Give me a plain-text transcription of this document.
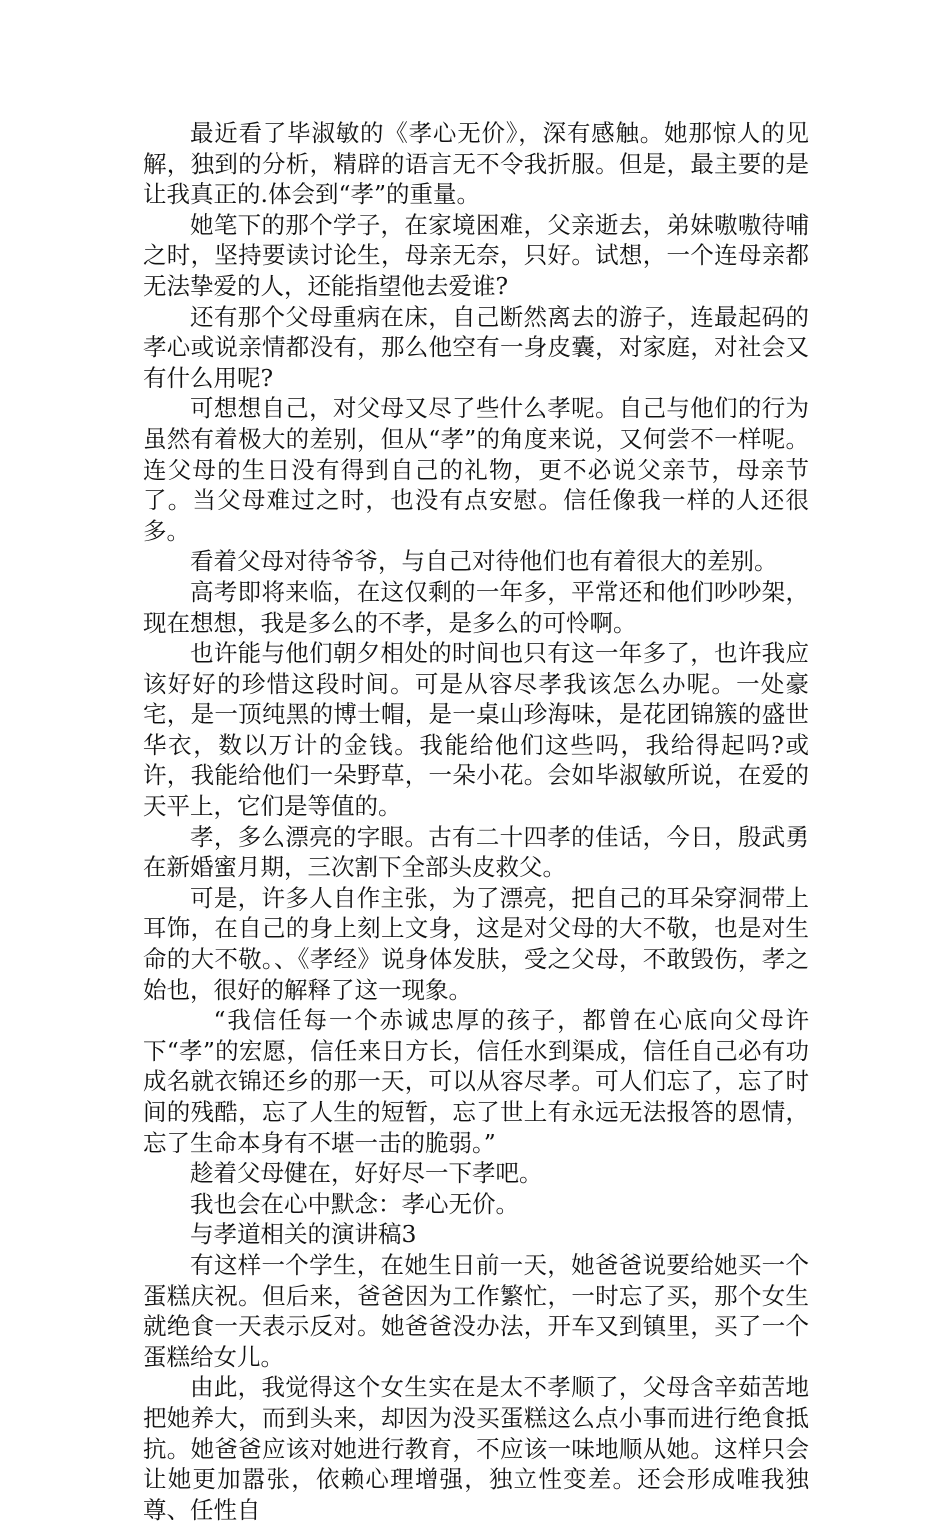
最近看了毕淑敏的《孝心无价》，深有感触。她那惊人的见解，独到的分析，精辟的语言无不令我折服。但是，最主要的是让我真正的.体会到“孝”的重量。

她笔下的那个学子，在家境困难，父亲逝去，弟妹嗷嗷待哺之时，坚持要读讨论生，母亲无奈，只好。试想，一个连母亲都无法挚爱的人，还能指望他去爱谁?

还有那个父母重病在床，自己断然离去的游子，连最起码的孝心或说亲情都没有，那么他空有一身皮囊，对家庭，对社会又有什么用呢?

可想想自己，对父母又尽了些什么孝呢。自己与他们的行为虽然有着极大的差别，但从“孝”的角度来说，又何尝不一样呢。连父母的生日没有得到自己的礼物，更不必说父亲节，母亲节了。当父母难过之时，也没有点安慰。信任像我一样的人还很多。

看着父母对待爷爷，与自己对待他们也有着很大的差别。

高考即将来临，在这仅剩的一年多，平常还和他们吵吵架，现在想想，我是多么的不孝，是多么的可怜啊。

也许能与他们朝夕相处的时间也只有这一年多了，也许我应该好好的珍惜这段时间。可是从容尽孝我该怎么办呢。一处豪宅，是一顶纯黑的博士帽，是一桌山珍海味，是花团锦簇的盛世华衣，数以万计的金钱。我能给他们这些吗，我给得起吗?或许，我能给他们一朵野草，一朵小花。会如毕淑敏所说，在爱的天平上，它们是等值的。

孝，多么漂亮的字眼。古有二十四孝的佳话，今日，殷武勇在新婚蜜月期，三次割下全部头皮救父。

可是，许多人自作主张，为了漂亮，把自己的耳朵穿洞带上耳饰，在自己的身上刻上文身，这是对父母的大不敬，也是对生命的大不敬。、《孝经》说身体发肤，受之父母，不敢毁伤，孝之始也，很好的解释了这一现象。

“我信任每一个赤诚忠厚的孩子，都曾在心底向父母许下“孝”的宏愿，信任来日方长，信任水到渠成，信任自己必有功成名就衣锦还乡的那一天，可以从容尽孝。可人们忘了，忘了时间的残酷，忘了人生的短暂，忘了世上有永远无法报答的恩情，忘了生命本身有不堪一击的脆弱。”

趁着父母健在，好好尽一下孝吧。

我也会在心中默念：孝心无价。

与孝道相关的演讲稿3

有这样一个学生，在她生日前一天，她爸爸说要给她买一个蛋糕庆祝。但后来，爸爸因为工作繁忙，一时忘了买，那个女生就绝食一天表示反对。她爸爸没办法，开车又到镇里，买了一个蛋糕给女儿。

由此，我觉得这个女生实在是太不孝顺了，父母含辛茹苦地把她养大，而到头来，却因为没买蛋糕这么点小事而进行绝食抵抗。她爸爸应该对她进行教育，不应该一味地顺从她。这样只会让她更加嚣张，依赖心理增强，独立性变差。还会形成唯我独尊、任性自
